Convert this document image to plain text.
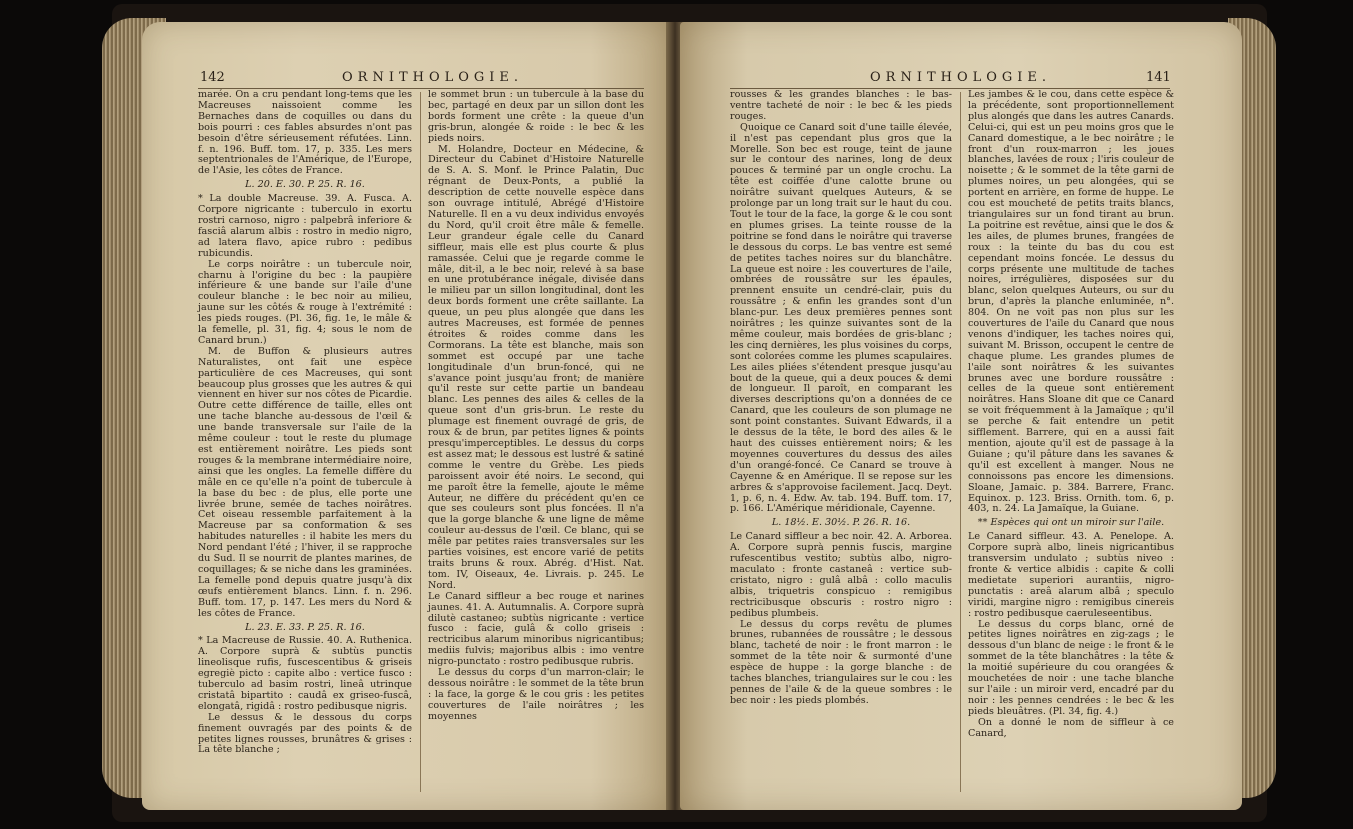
142	ORNITHOLOGIE.

marée. On a cru pendant long-tems que les Macreuses naissoient comme les Bernaches dans de coquilles ou dans du bois pourri : ces fables absurdes n'ont pas besoin d'être sérieusement réfutées. Linn. f. n. 196. Buff. tom. 17, p. 335. Les mers septentrionales de l'Amérique, de l'Europe, de l'Asie, les côtes de France.

L. 20. E. 30. P. 25. R. 16.

* La double Macreuse. 39. A. Fusca. A. Corpore nigricante : tuberculo in exortu rostri carnoso, nigro : palpebrâ inferiore & fasciâ alarum albis : rostro in medio nigro, ad latera flavo, apice rubro : pedibus rubicundis.

Le corps noirâtre : un tubercule noir, charnu à l'origine du bec : la paupière inférieure & une bande sur l'aile d'une couleur blanche : le bec noir au milieu, jaune sur les côtés & rouge à l'extrémité : les pieds rouges. (Pl. 36, fig. 1e, le mâle & la femelle, pl. 31, fig. 4; sous le nom de Canard brun.)

M. de Buffon & plusieurs autres Naturalistes, ont fait une espèce particulière de ces Macreuses, qui sont beaucoup plus grosses que les autres & qui viennent en hiver sur nos côtes de Picardie. Outre cette différence de taille, elles ont une tache blanche au-dessous de l'œil & une bande transversale sur l'aile de la même couleur : tout le reste du plumage est entièrement noirâtre. Les pieds sont rouges & la membrane intermédiaire noire, ainsi que les ongles. La femelle diffère du mâle en ce qu'elle n'a point de tubercule à la base du bec : de plus, elle porte une livrée brune, semée de taches noirâtres. Cet oiseau ressemble parfaitement à la Macreuse par sa conformation & ses habitudes naturelles : il habite les mers du Nord pendant l'été ; l'hiver, il se rapproche du Sud. Il se nourrit de plantes marines, de coquillages; & se niche dans les graminées. La femelle pond depuis quatre jusqu'à dix œufs entièrement blancs. Linn. f. n. 296. Buff. tom. 17, p. 147. Les mers du Nord & les côtes de France.

L. 23. E. 33. P. 25. R. 16.

* La Macreuse de Russie. 40. A. Ruthenica. A. Corpore suprà & subtùs punctis lineolisque rufis, fuscescentibus & griseis egregiè picto : capite albo : vertice fusco : tuberculo ad basim rostri, lineâ utrinque cristatâ bipartito : caudâ ex griseo-fuscâ, elongatâ, rigidâ : rostro pedibusque nigris.

Le dessus & le dessous du corps finement ouvragés par des points & de petites lignes rousses, brunâtres & grises : La tête blanche ;

le sommet brun : un tubercule à la base du bec, partagé en deux par un sillon dont les bords forment une crête : la queue d'un gris-brun, alongée & roide : le bec & les pieds noirs.

M. Holandre, Docteur en Médecine, & Directeur du Cabinet d'Histoire Naturelle de S. A. S. Monf. le Prince Palatin, Duc régnant de Deux-Ponts, a publié la description de cette nouvelle espèce dans son ouvrage intitulé, Abrégé d'Histoire Naturelle. Il en a vu deux individus envoyés du Nord, qu'il croit être mâle & femelle. Leur grandeur égale celle du Canard siffleur, mais elle est plus courte & plus ramassée. Celui que je regarde comme le mâle, dit-il, a le bec noir, relevé à sa base en une protubérance inégale, divisée dans le milieu par un sillon longitudinal, dont les deux bords forment une crête saillante. La queue, un peu plus alongée que dans les autres Macreuses, est formée de pennes étroites & roides comme dans les Cormorans. La tête est blanche, mais son sommet est occupé par une tache longitudinale d'un brun-foncé, qui ne s'avance point jusqu'au front; de manière qu'il reste sur cette partie un bandeau blanc. Les pennes des ailes & celles de la queue sont d'un gris-brun. Le reste du plumage est finement ouvragé de gris, de roux & de brun, par petites lignes & points presqu'imperceptibles. Le dessus du corps est assez mat; le dessous est lustré & satiné comme le ventre du Grèbe. Les pieds paroissent avoir été noirs. Le second, qui me paroît être la femelle, ajoute le même Auteur, ne diffère du précédent qu'en ce que ses couleurs sont plus foncées. Il n'a que la gorge blanche & une ligne de même couleur au-dessus de l'œil. Ce blanc, qui se mêle par petites raies transversales sur les parties voisines, est encore varié de petits traits bruns & roux. Abrég. d'Hist. Nat. tom. IV, Oiseaux, 4e. Livrais. p. 245. Le Nord.

Le Canard siffleur a bec rouge et narines jaunes. 41. A. Autumnalis. A. Corpore suprà dilutè castaneo; subtùs nigricante : vertice fusco : facie, gulâ & collo griseis : rectricibus alarum minoribus nigricantibus; mediis fulvis; majoribus albis : imo ventre nigro-punctato : rostro pedibusque rubris.

Le dessus du corps d'un marron-clair; le dessous noirâtre : le sommet de la tête brun : la face, la gorge & le cou gris : les petites couvertures de l'aile noirâtres ; les moyennes

ORNITHOLOGIE.	141

rousses & les grandes blanches : le bas-ventre tacheté de noir : le bec & les pieds rouges.

Quoique ce Canard soit d'une taille élevée, il n'est pas cependant plus gros que la Morelle. Son bec est rouge, teint de jaune sur le contour des narines, long de deux pouces & terminé par un ongle crochu. La tête est coiffée d'une calotte brune ou noirâtre suivant quelques Auteurs, & se prolonge par un long trait sur le haut du cou. Tout le tour de la face, la gorge & le cou sont en plumes grises. La teinte rousse de la poitrine se fond dans le noirâtre qui traverse le dessous du corps. Le bas ventre est semé de petites taches noires sur du blanchâtre. La queue est noire : les couvertures de l'aile, ombrées de roussâtre sur les épaules, prennent ensuite un cendré-clair, puis du roussâtre ; & enfin les grandes sont d'un blanc-pur. Les deux premières pennes sont noirâtres ; les quinze suivantes sont de la même couleur, mais bordées de gris-blanc ; les cinq dernières, les plus voisines du corps, sont colorées comme les plumes scapulaires. Les ailes pliées s'étendent presque jusqu'au bout de la queue, qui a deux pouces & demi de longueur. Il paroît, en comparant les diverses descriptions qu'on a données de ce Canard, que les couleurs de son plumage ne sont point constantes. Suivant Edwards, il a le dessus de la tête, le bord des ailes & le haut des cuisses entièrement noirs; & les moyennes couvertures du dessus des ailes d'un orangé-foncé. Ce Canard se trouve à Cayenne & en Amérique. Il se repose sur les arbres & s'approvoise facilement. Jacq. Deyt. 1, p. 6, n. 4. Edw. Av. tab. 194. Buff. tom. 17, p. 166. L'Amérique méridionale, Cayenne.

L. 18½. E. 30½. P. 26. R. 16.

Le Canard siffleur a bec noir. 42. A. Arborea. A. Corpore suprà pennis fuscis, margine rufescentibus vestito; subtùs albo, nigro-maculato : fronte castaneâ : vertice sub-cristato, nigro : gulâ albâ : collo maculis albis, triquetris conspicuo : remigibus rectricibusque obscuris : rostro nigro : pedibus plumbeis.

Le dessus du corps revêtu de plumes brunes, rubannées de roussâtre ; le dessous blanc, tacheté de noir : le front marron : le sommet de la tête noir & surmonté d'une espèce de huppe : la gorge blanche : de taches blanches, triangulaires sur le cou : les pennes de l'aile & de la queue sombres : le bec noir : les pieds plombés.

Les jambes & le cou, dans cette espèce & la précédente, sont proportionnellement plus alongés que dans les autres Canards. Celui-ci, qui est un peu moins gros que le Canard domestique, a le bec noirâtre ; le front d'un roux-marron ; les joues blanches, lavées de roux ; l'iris couleur de noisette ; & le sommet de la tête garni de plumes noires, un peu alongées, qui se portent en arrière, en forme de huppe. Le cou est moucheté de petits traits blancs, triangulaires sur un fond tirant au brun. La poitrine est revêtue, ainsi que le dos & les ailes, de plumes brunes, frangées de roux : la teinte du bas du cou est cependant moins foncée. Le dessus du corps présente une multitude de taches noires, irrégulières, disposées sur du blanc, selon quelques Auteurs, ou sur du brun, d'après la planche enluminée, n°. 804. On ne voit pas non plus sur les couvertures de l'aile du Canard que nous venons d'indiquer, les taches noires qui, suivant M. Brisson, occupent le centre de chaque plume. Les grandes plumes de l'aile sont noirâtres & les suivantes brunes avec une bordure roussâtre : celles de la queue sont entièrement noirâtres. Hans Sloane dit que ce Canard se voit fréquemment à la Jamaïque ; qu'il se perche & fait entendre un petit sifflement. Barrere, qui en a aussi fait mention, ajoute qu'il est de passage à la Guiane ; qu'il pâture dans les savanes & qu'il est excellent à manger. Nous ne connoissons pas encore les dimensions. Sloane, Jamaic. p. 384. Barrere, Franc. Equinox. p. 123. Briss. Ornith. tom. 6, p. 403, n. 24. La Jamaïque, la Guiane.

** Espèces qui ont un miroir sur l'aile.

Le Canard siffleur. 43. A. Penelope. A. Corpore suprà albo, lineis nigricantibus transversim undulato ; subtùs niveo : fronte & vertice albidis : capite & colli medietate superiori aurantiis, nigro-punctatis : areâ alarum albâ ; speculo viridi, margine nigro : remigibus cinereis : rostro pedibusque caeruleseentibus.

Le dessus du corps blanc, orné de petites lignes noirâtres en zig-zags ; le dessous d'un blanc de neige : le front & le sommet de la tête blanchâtres : la tête & la moitié supérieure du cou orangées & mouchetées de noir : une tache blanche sur l'aile : un miroir verd, encadré par du noir : les pennes cendrées : le bec & les pieds bleuâtres. (Pl. 34, fig. 4.)

On a donné le nom de siffleur à ce Canard,
